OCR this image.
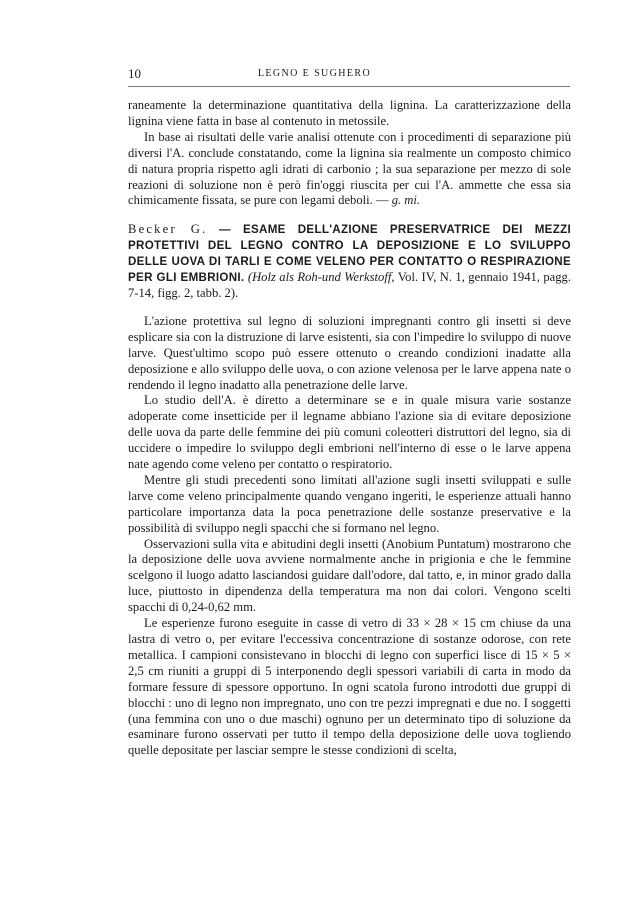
10	LEGNO E SUGHERO

raneamente la determinazione quantitativa della lignina. La caratterizzazione della lignina viene fatta in base al contenuto in metossile.

In base ai risultati delle varie analisi ottenute con i procedimenti di separazione più diversi l'A. conclude constatando, come la lignina sia realmente un composto chimico di natura propria rispetto agli idrati di carbonio ; la sua separazione per mezzo di sole reazioni di soluzione non è però fin'oggi riuscita per cui l'A. ammette che essa sia chimicamente fissata, se pure con legami deboli. — g. mi.

Becker G. — ESAME DELL'AZIONE PRESERVATRICE DEI MEZZI PROTETTIVI DEL LEGNO CONTRO LA DEPOSIZIONE E LO SVILUPPO DELLE UOVA DI TARLI E COME VELENO PER CONTATTO O RESPIRAZIONE PER GLI EMBRIONI. (Holz als Roh-und Werkstoff, Vol. IV, N. 1, gennaio 1941, pagg. 7-14, figg. 2, tabb. 2).

L'azione protettiva sul legno di soluzioni impregnanti contro gli insetti si deve esplicare sia con la distruzione di larve esistenti, sia con l'impedire lo sviluppo di nuove larve. Quest'ultimo scopo può essere ottenuto o creando condizioni inadatte alla deposizione e allo sviluppo delle uova, o con azione velenosa per le larve appena nate o rendendo il legno inadatto alla penetrazione delle larve.

Lo studio dell'A. è diretto a determinare se e in quale misura varie sostanze adoperate come insetticide per il legname abbiano l'azione sia di evitare deposizione delle uova da parte delle femmine dei più comuni coleotteri distruttori del legno, sia di uccidere o impedire lo sviluppo degli embrioni nell'interno di esse o le larve appena nate agendo come veleno per contatto o respiratorio.

Mentre gli studi precedenti sono limitati all'azione sugli insetti sviluppati e sulle larve come veleno principalmente quando vengano ingeriti, le esperienze attuali hanno particolare importanza data la poca penetrazione delle sostanze preservative e la possibilità di sviluppo negli spacchi che si formano nel legno.

Osservazioni sulla vita e abitudini degli insetti (Anobium Puntatum) mostrarono che la deposizione delle uova avviene normalmente anche in prigionia e che le femmine scelgono il luogo adatto lasciandosi guidare dall'odore, dal tatto, e, in minor grado dalla luce, piuttosto in dipendenza della temperatura ma non dai colori. Vengono scelti spacchi di 0,24-0,62 mm.

Le esperienze furono eseguite in casse di vetro di 33 × 28 × 15 cm chiuse da una lastra di vetro o, per evitare l'eccessiva concentrazione di sostanze odorose, con rete metallica. I campioni consistevano in blocchi di legno con superfici lisce di 15 × 5 × 2,5 cm riuniti a gruppi di 5 interponendo degli spessori variabili di carta in modo da formare fessure di spessore opportuno. In ogni scatola furono introdotti due gruppi di blocchi : uno di legno non impregnato, uno con tre pezzi impregnati e due no. I soggetti (una femmina con uno o due maschi) ognuno per un determinato tipo di soluzione da esaminare furono osservati per tutto il tempo della deposizione delle uova togliendo quelle depositate per lasciar sempre le stesse condizioni di scelta,
